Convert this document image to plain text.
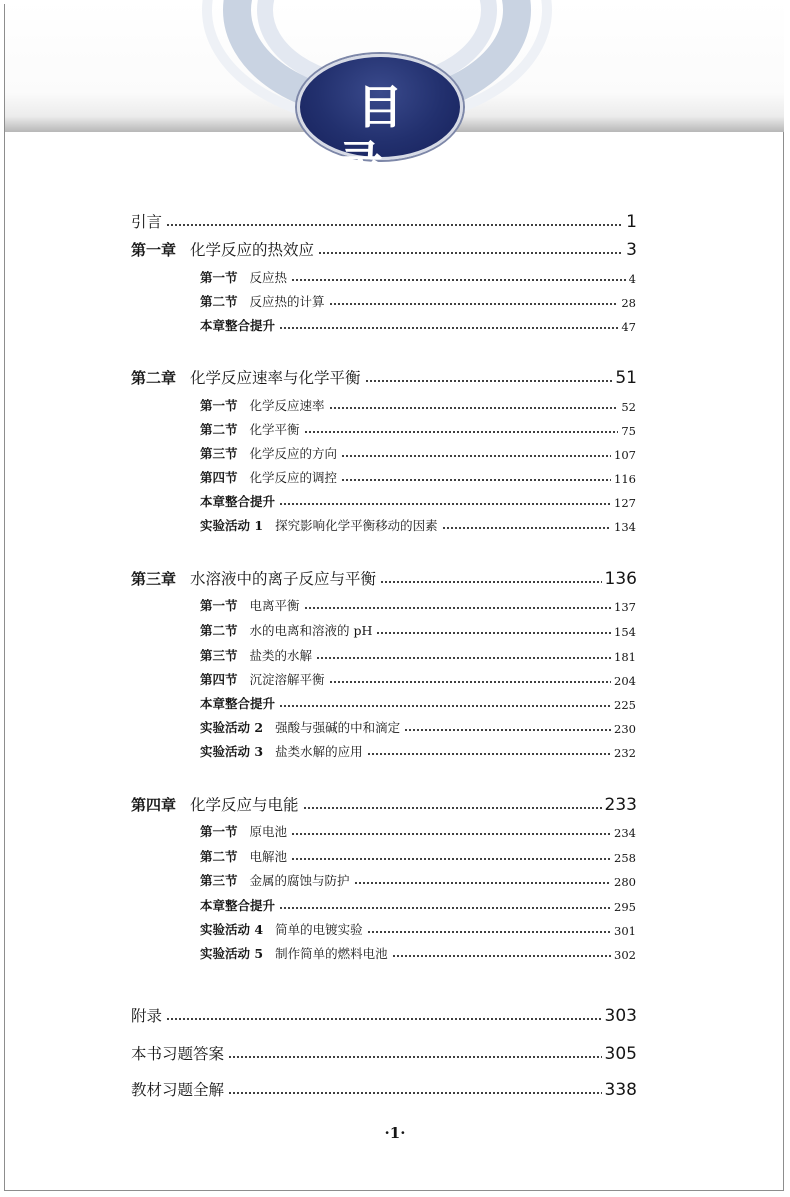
目 录
引言	1
第一章 化学反应的热效应	3
第一节 反应热	4
第二节 反应热的计算	28
本章整合提升	47
第二章 化学反应速率与化学平衡	51
第一节 化学反应速率	52
第二节 化学平衡	75
第三节 化学反应的方向	107
第四节 化学反应的调控	116
本章整合提升	127
实验活动 1 探究影响化学平衡移动的因素	134
第三章 水溶液中的离子反应与平衡	136
第一节 电离平衡	137
第二节 水的电离和溶液的 pH	154
第三节 盐类的水解	181
第四节 沉淀溶解平衡	204
本章整合提升	225
实验活动 2 强酸与强碱的中和滴定	230
实验活动 3 盐类水解的应用	232
第四章 化学反应与电能	233
第一节 原电池	234
第二节 电解池	258
第三节 金属的腐蚀与防护	280
本章整合提升	295
实验活动 4 简单的电镀实验	301
实验活动 5 制作简单的燃料电池	302
附录	303
本书习题答案	305
教材习题全解	338
·1·
